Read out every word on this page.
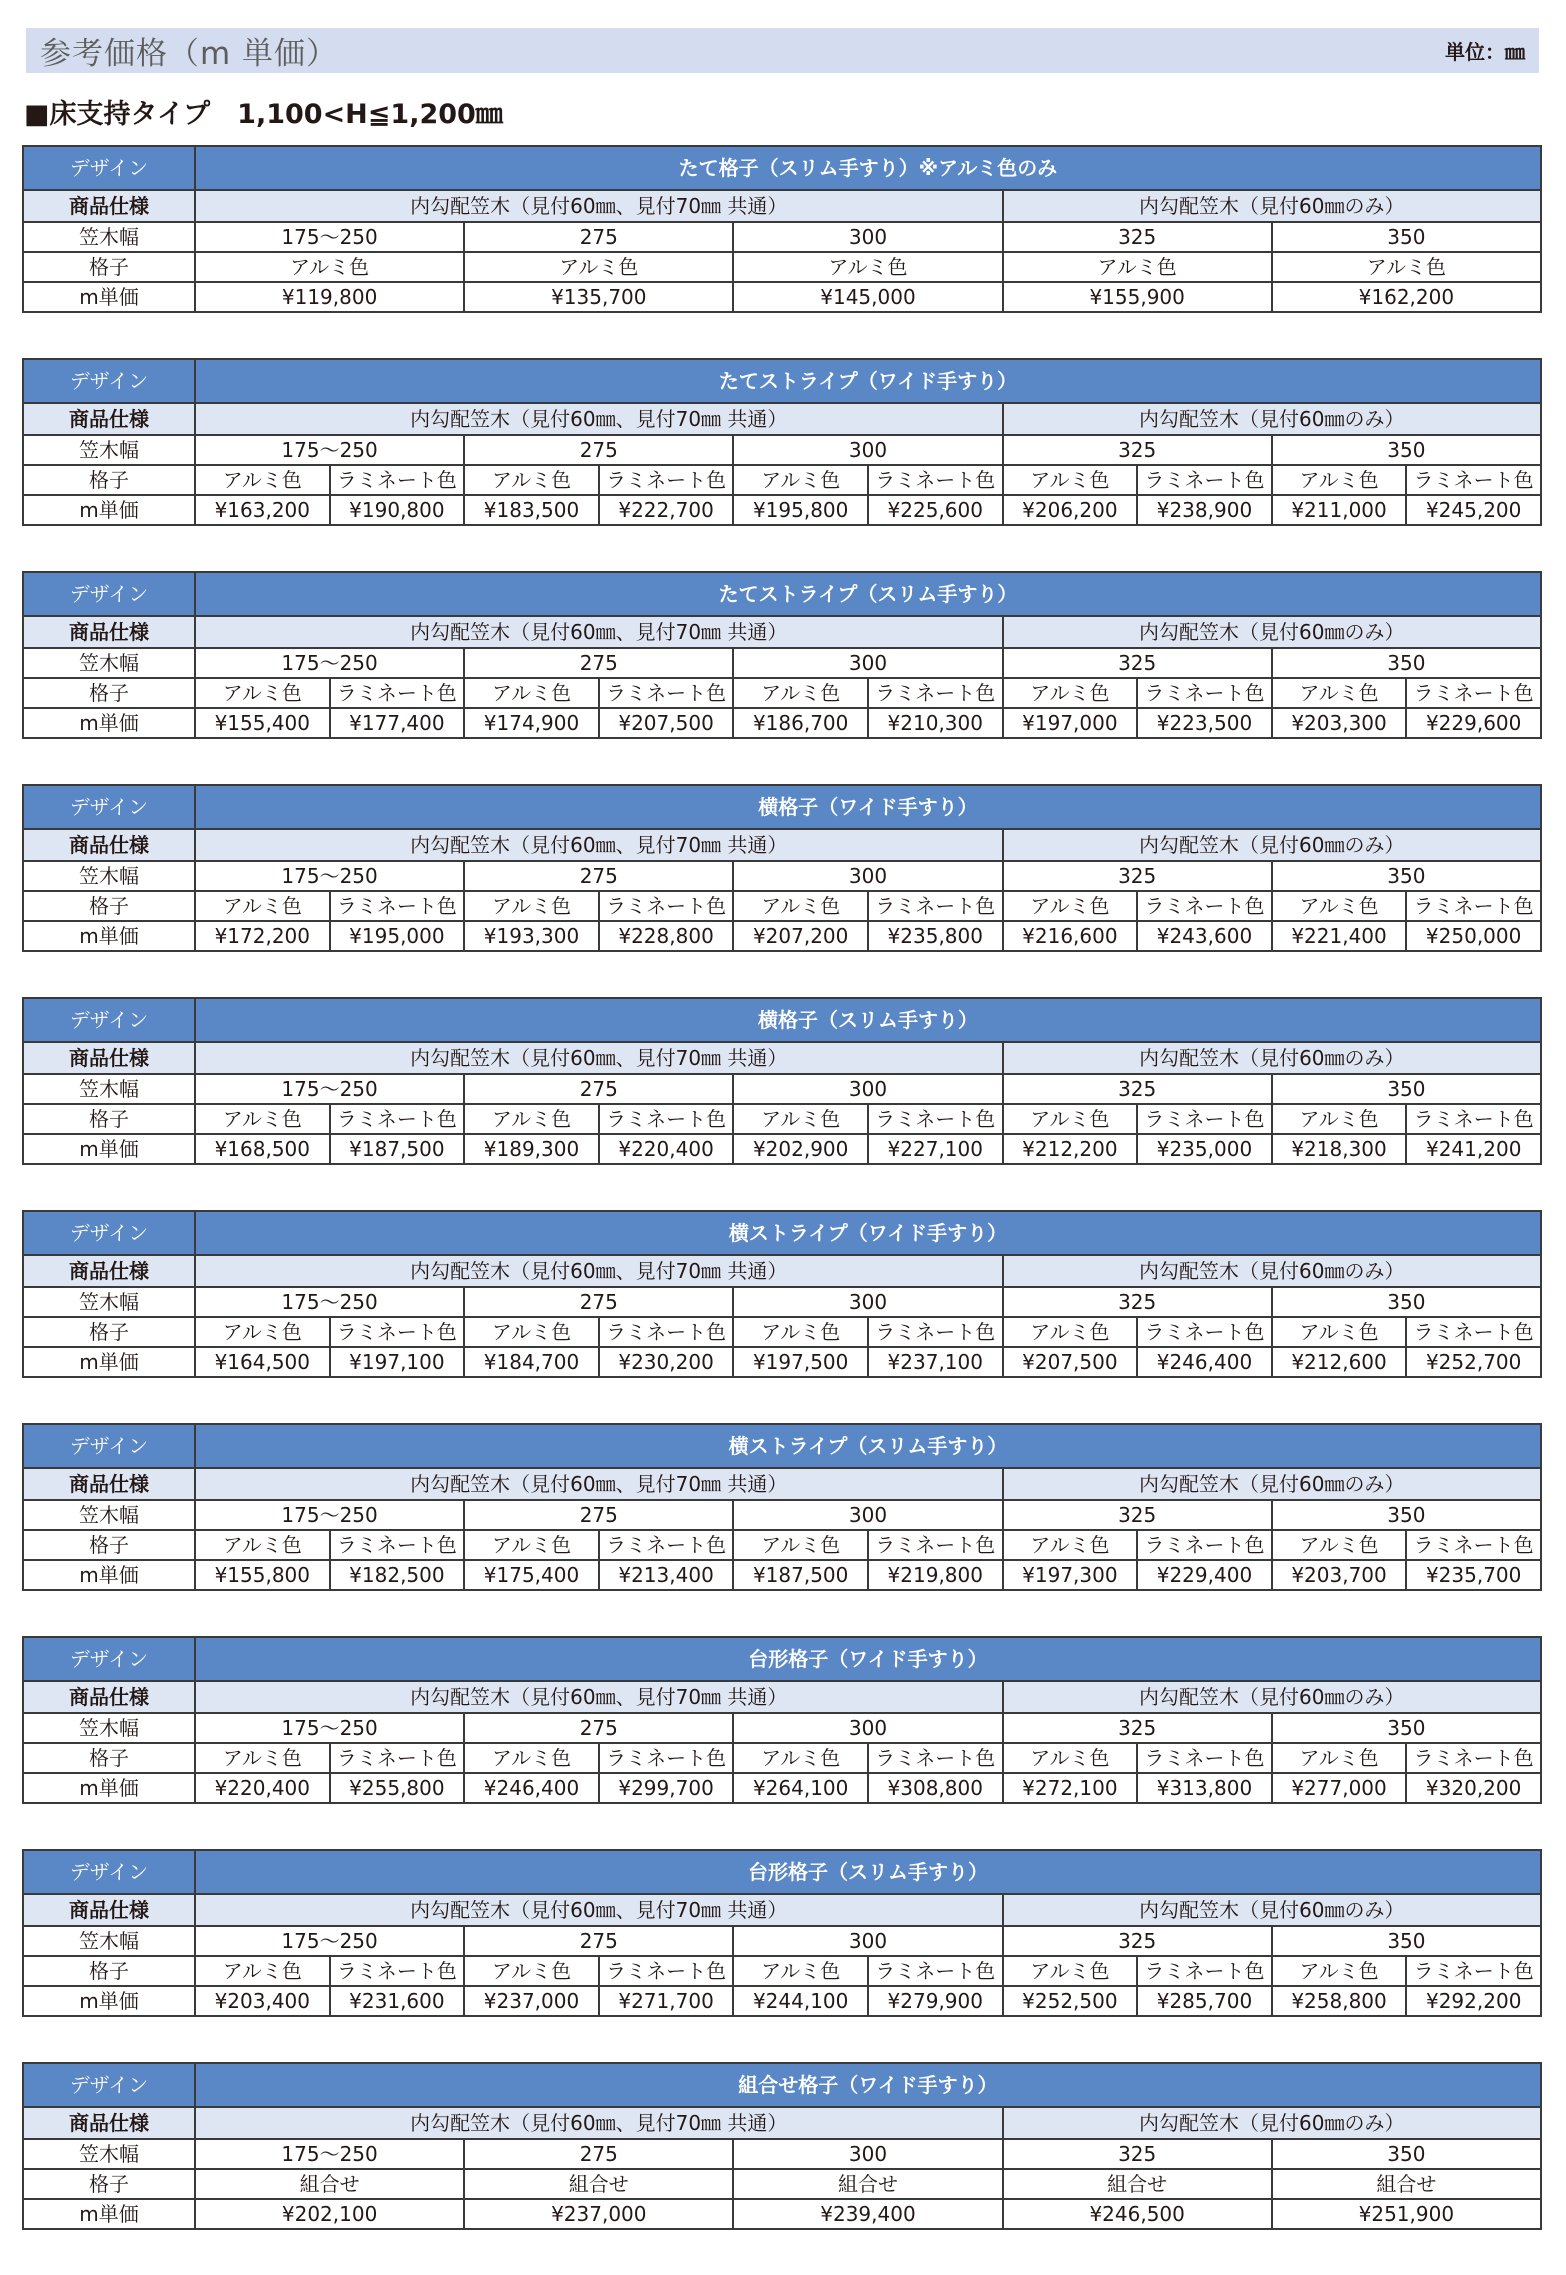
参考価格（m 単価）	単位：㎜
■床支持タイプ　1,100<H≦1,200㎜
デザイン	たて格子（スリム手すり）※アルミ色のみ				
商品仕様	内勾配笠木（見付60㎜、見付70㎜ 共通）			内勾配笠木（見付60㎜のみ）	
笠木幅	175〜250	275	300	325	350
格子	アルミ色	アルミ色	アルミ色	アルミ色	アルミ色
m単価	¥119,800	¥135,700	¥145,000	¥155,900	¥162,200
デザイン	たてストライプ（ワイド手すり）									
商品仕様	内勾配笠木（見付60㎜、見付70㎜ 共通）						内勾配笠木（見付60㎜のみ）			
笠木幅	175〜250		275		300		325		350	
格子	アルミ色	ラミネート色	アルミ色	ラミネート色	アルミ色	ラミネート色	アルミ色	ラミネート色	アルミ色	ラミネート色
m単価	¥163,200	¥190,800	¥183,500	¥222,700	¥195,800	¥225,600	¥206,200	¥238,900	¥211,000	¥245,200
デザイン	たてストライプ（スリム手すり）									
商品仕様	内勾配笠木（見付60㎜、見付70㎜ 共通）						内勾配笠木（見付60㎜のみ）			
笠木幅	175〜250		275		300		325		350	
格子	アルミ色	ラミネート色	アルミ色	ラミネート色	アルミ色	ラミネート色	アルミ色	ラミネート色	アルミ色	ラミネート色
m単価	¥155,400	¥177,400	¥174,900	¥207,500	¥186,700	¥210,300	¥197,000	¥223,500	¥203,300	¥229,600
デザイン	横格子（ワイド手すり）									
商品仕様	内勾配笠木（見付60㎜、見付70㎜ 共通）						内勾配笠木（見付60㎜のみ）			
笠木幅	175〜250		275		300		325		350	
格子	アルミ色	ラミネート色	アルミ色	ラミネート色	アルミ色	ラミネート色	アルミ色	ラミネート色	アルミ色	ラミネート色
m単価	¥172,200	¥195,000	¥193,300	¥228,800	¥207,200	¥235,800	¥216,600	¥243,600	¥221,400	¥250,000
デザイン	横格子（スリム手すり）									
商品仕様	内勾配笠木（見付60㎜、見付70㎜ 共通）						内勾配笠木（見付60㎜のみ）			
笠木幅	175〜250		275		300		325		350	
格子	アルミ色	ラミネート色	アルミ色	ラミネート色	アルミ色	ラミネート色	アルミ色	ラミネート色	アルミ色	ラミネート色
m単価	¥168,500	¥187,500	¥189,300	¥220,400	¥202,900	¥227,100	¥212,200	¥235,000	¥218,300	¥241,200
デザイン	横ストライプ（ワイド手すり）									
商品仕様	内勾配笠木（見付60㎜、見付70㎜ 共通）						内勾配笠木（見付60㎜のみ）			
笠木幅	175〜250		275		300		325		350	
格子	アルミ色	ラミネート色	アルミ色	ラミネート色	アルミ色	ラミネート色	アルミ色	ラミネート色	アルミ色	ラミネート色
m単価	¥164,500	¥197,100	¥184,700	¥230,200	¥197,500	¥237,100	¥207,500	¥246,400	¥212,600	¥252,700
デザイン	横ストライプ（スリム手すり）									
商品仕様	内勾配笠木（見付60㎜、見付70㎜ 共通）						内勾配笠木（見付60㎜のみ）			
笠木幅	175〜250		275		300		325		350	
格子	アルミ色	ラミネート色	アルミ色	ラミネート色	アルミ色	ラミネート色	アルミ色	ラミネート色	アルミ色	ラミネート色
m単価	¥155,800	¥182,500	¥175,400	¥213,400	¥187,500	¥219,800	¥197,300	¥229,400	¥203,700	¥235,700
デザイン	台形格子（ワイド手すり）									
商品仕様	内勾配笠木（見付60㎜、見付70㎜ 共通）						内勾配笠木（見付60㎜のみ）			
笠木幅	175〜250		275		300		325		350	
格子	アルミ色	ラミネート色	アルミ色	ラミネート色	アルミ色	ラミネート色	アルミ色	ラミネート色	アルミ色	ラミネート色
m単価	¥220,400	¥255,800	¥246,400	¥299,700	¥264,100	¥308,800	¥272,100	¥313,800	¥277,000	¥320,200
デザイン	台形格子（スリム手すり）									
商品仕様	内勾配笠木（見付60㎜、見付70㎜ 共通）						内勾配笠木（見付60㎜のみ）			
笠木幅	175〜250		275		300		325		350	
格子	アルミ色	ラミネート色	アルミ色	ラミネート色	アルミ色	ラミネート色	アルミ色	ラミネート色	アルミ色	ラミネート色
m単価	¥203,400	¥231,600	¥237,000	¥271,700	¥244,100	¥279,900	¥252,500	¥285,700	¥258,800	¥292,200
デザイン	組合せ格子（ワイド手すり）				
商品仕様	内勾配笠木（見付60㎜、見付70㎜ 共通）			内勾配笠木（見付60㎜のみ）	
笠木幅	175〜250	275	300	325	350
格子	組合せ	組合せ	組合せ	組合せ	組合せ
m単価	¥202,100	¥237,000	¥239,400	¥246,500	¥251,900
